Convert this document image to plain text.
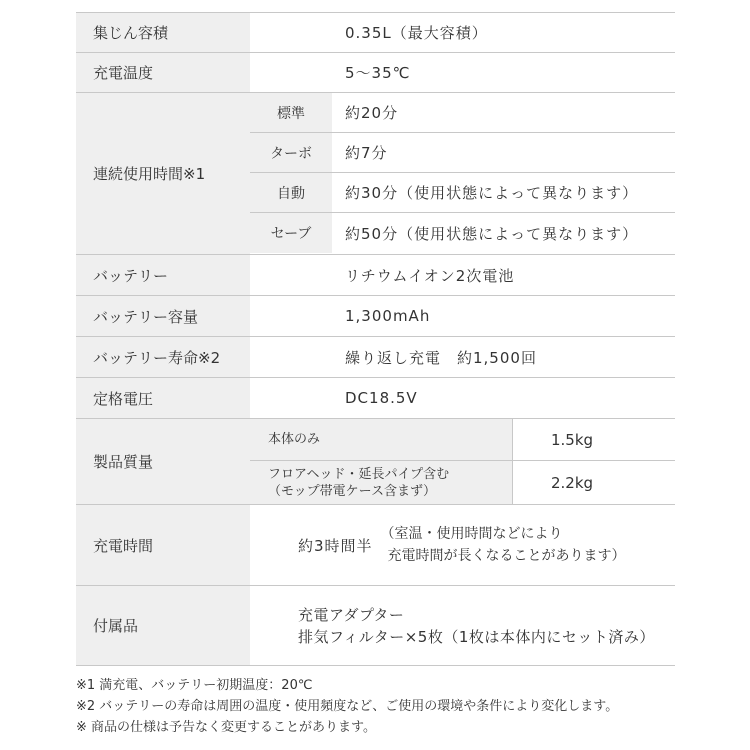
集じん容積	0.35L（最大容積）
充電温度	5〜35℃
連続使用時間※1
標準	約20分
ターボ	約7分
自動	約30分（使用状態によって異なります）
セーブ	約50分（使用状態によって異なります）
バッテリー	リチウムイオン2次電池
バッテリー容量	1,300mAh
バッテリー寿命※2	繰り返し充電　約1,500回
定格電圧	DC18.5V
製品質量
本体のみ	1.5kg
フロアヘッド・延長パイプ含む
（モップ帯電ケース含まず）	2.2kg
充電時間	約3時間半
（室温・使用時間などにより
充電時間が長くなることがあります）
付属品
充電アダプター
排気フィルター×5枚（1枚は本体内にセット済み）
※1 満充電、バッテリー初期温度：20℃
※2 バッテリーの寿命は周囲の温度・使用頻度など、ご使用の環境や条件により変化します。
※ 商品の仕様は予告なく変更することがあります。
